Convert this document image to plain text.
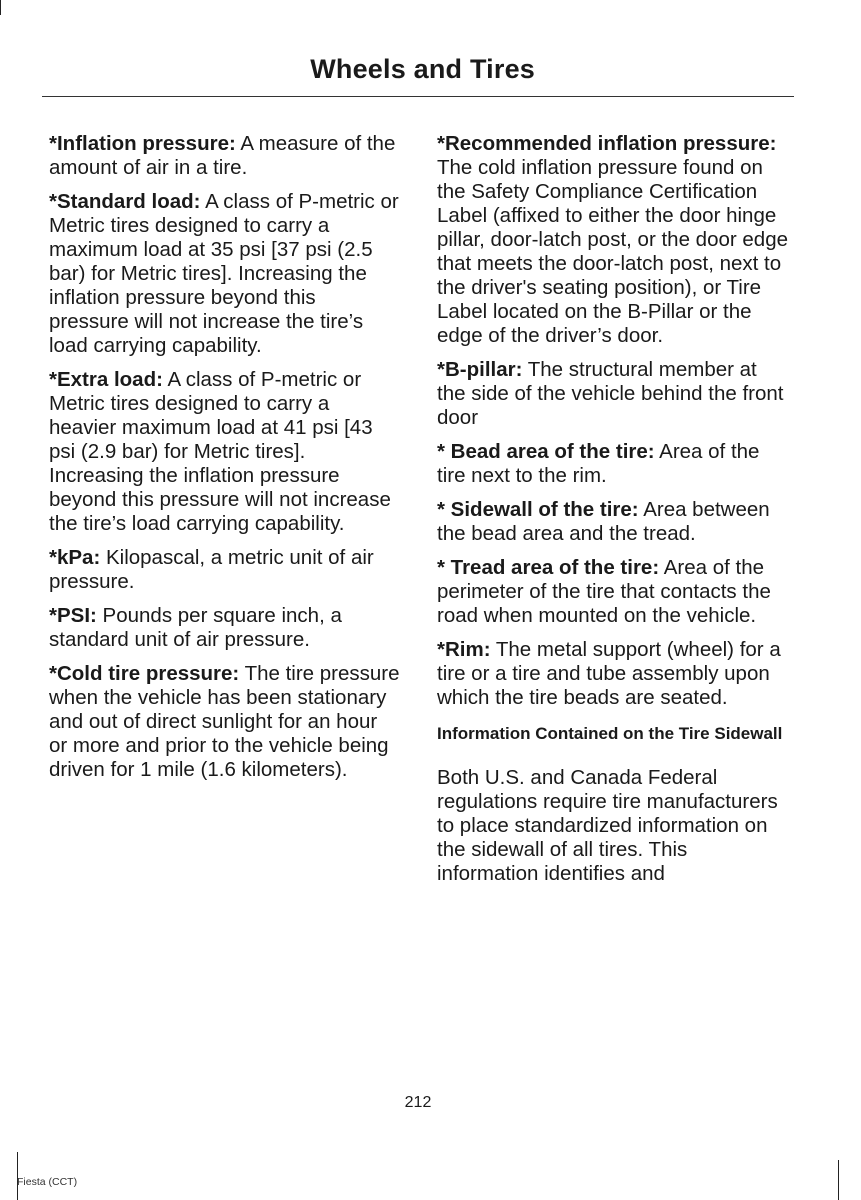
Wheels and Tires

*Inflation pressure: A measure of the amount of air in a tire.

*Standard load: A class of P-metric or Metric tires designed to carry a maximum load at 35 psi [37 psi (2.5 bar) for Metric tires]. Increasing the inflation pressure beyond this pressure will not increase the tire’s load carrying capability.

*Extra load: A class of P-metric or Metric tires designed to carry a heavier maximum load at 41 psi [43 psi (2.9 bar) for Metric tires]. Increasing the inflation pressure beyond this pressure will not increase the tire’s load carrying capability.

*kPa: Kilopascal, a metric unit of air pressure.

*PSI: Pounds per square inch, a standard unit of air pressure.

*Cold tire pressure: The tire pressure when the vehicle has been stationary and out of direct sunlight for an hour or more and prior to the vehicle being driven for 1 mile (1.6 kilometers).

*Recommended inflation pressure: The cold inflation pressure found on the Safety Compliance Certification Label (affixed to either the door hinge pillar, door-latch post, or the door edge that meets the door-latch post, next to the driver's seating position), or Tire Label located on the B-Pillar or the edge of the driver’s door.

*B-pillar: The structural member at the side of the vehicle behind the front door

* Bead area of the tire: Area of the tire next to the rim.

* Sidewall of the tire: Area between the bead area and the tread.

* Tread area of the tire: Area of the perimeter of the tire that contacts the road when mounted on the vehicle.

*Rim: The metal support (wheel) for a tire or a tire and tube assembly upon which the tire beads are seated.

Information Contained on the Tire Sidewall

Both U.S. and Canada Federal regulations require tire manufacturers to place standardized information on the sidewall of all tires. This information identifies and

212
Fiesta (CCT)
